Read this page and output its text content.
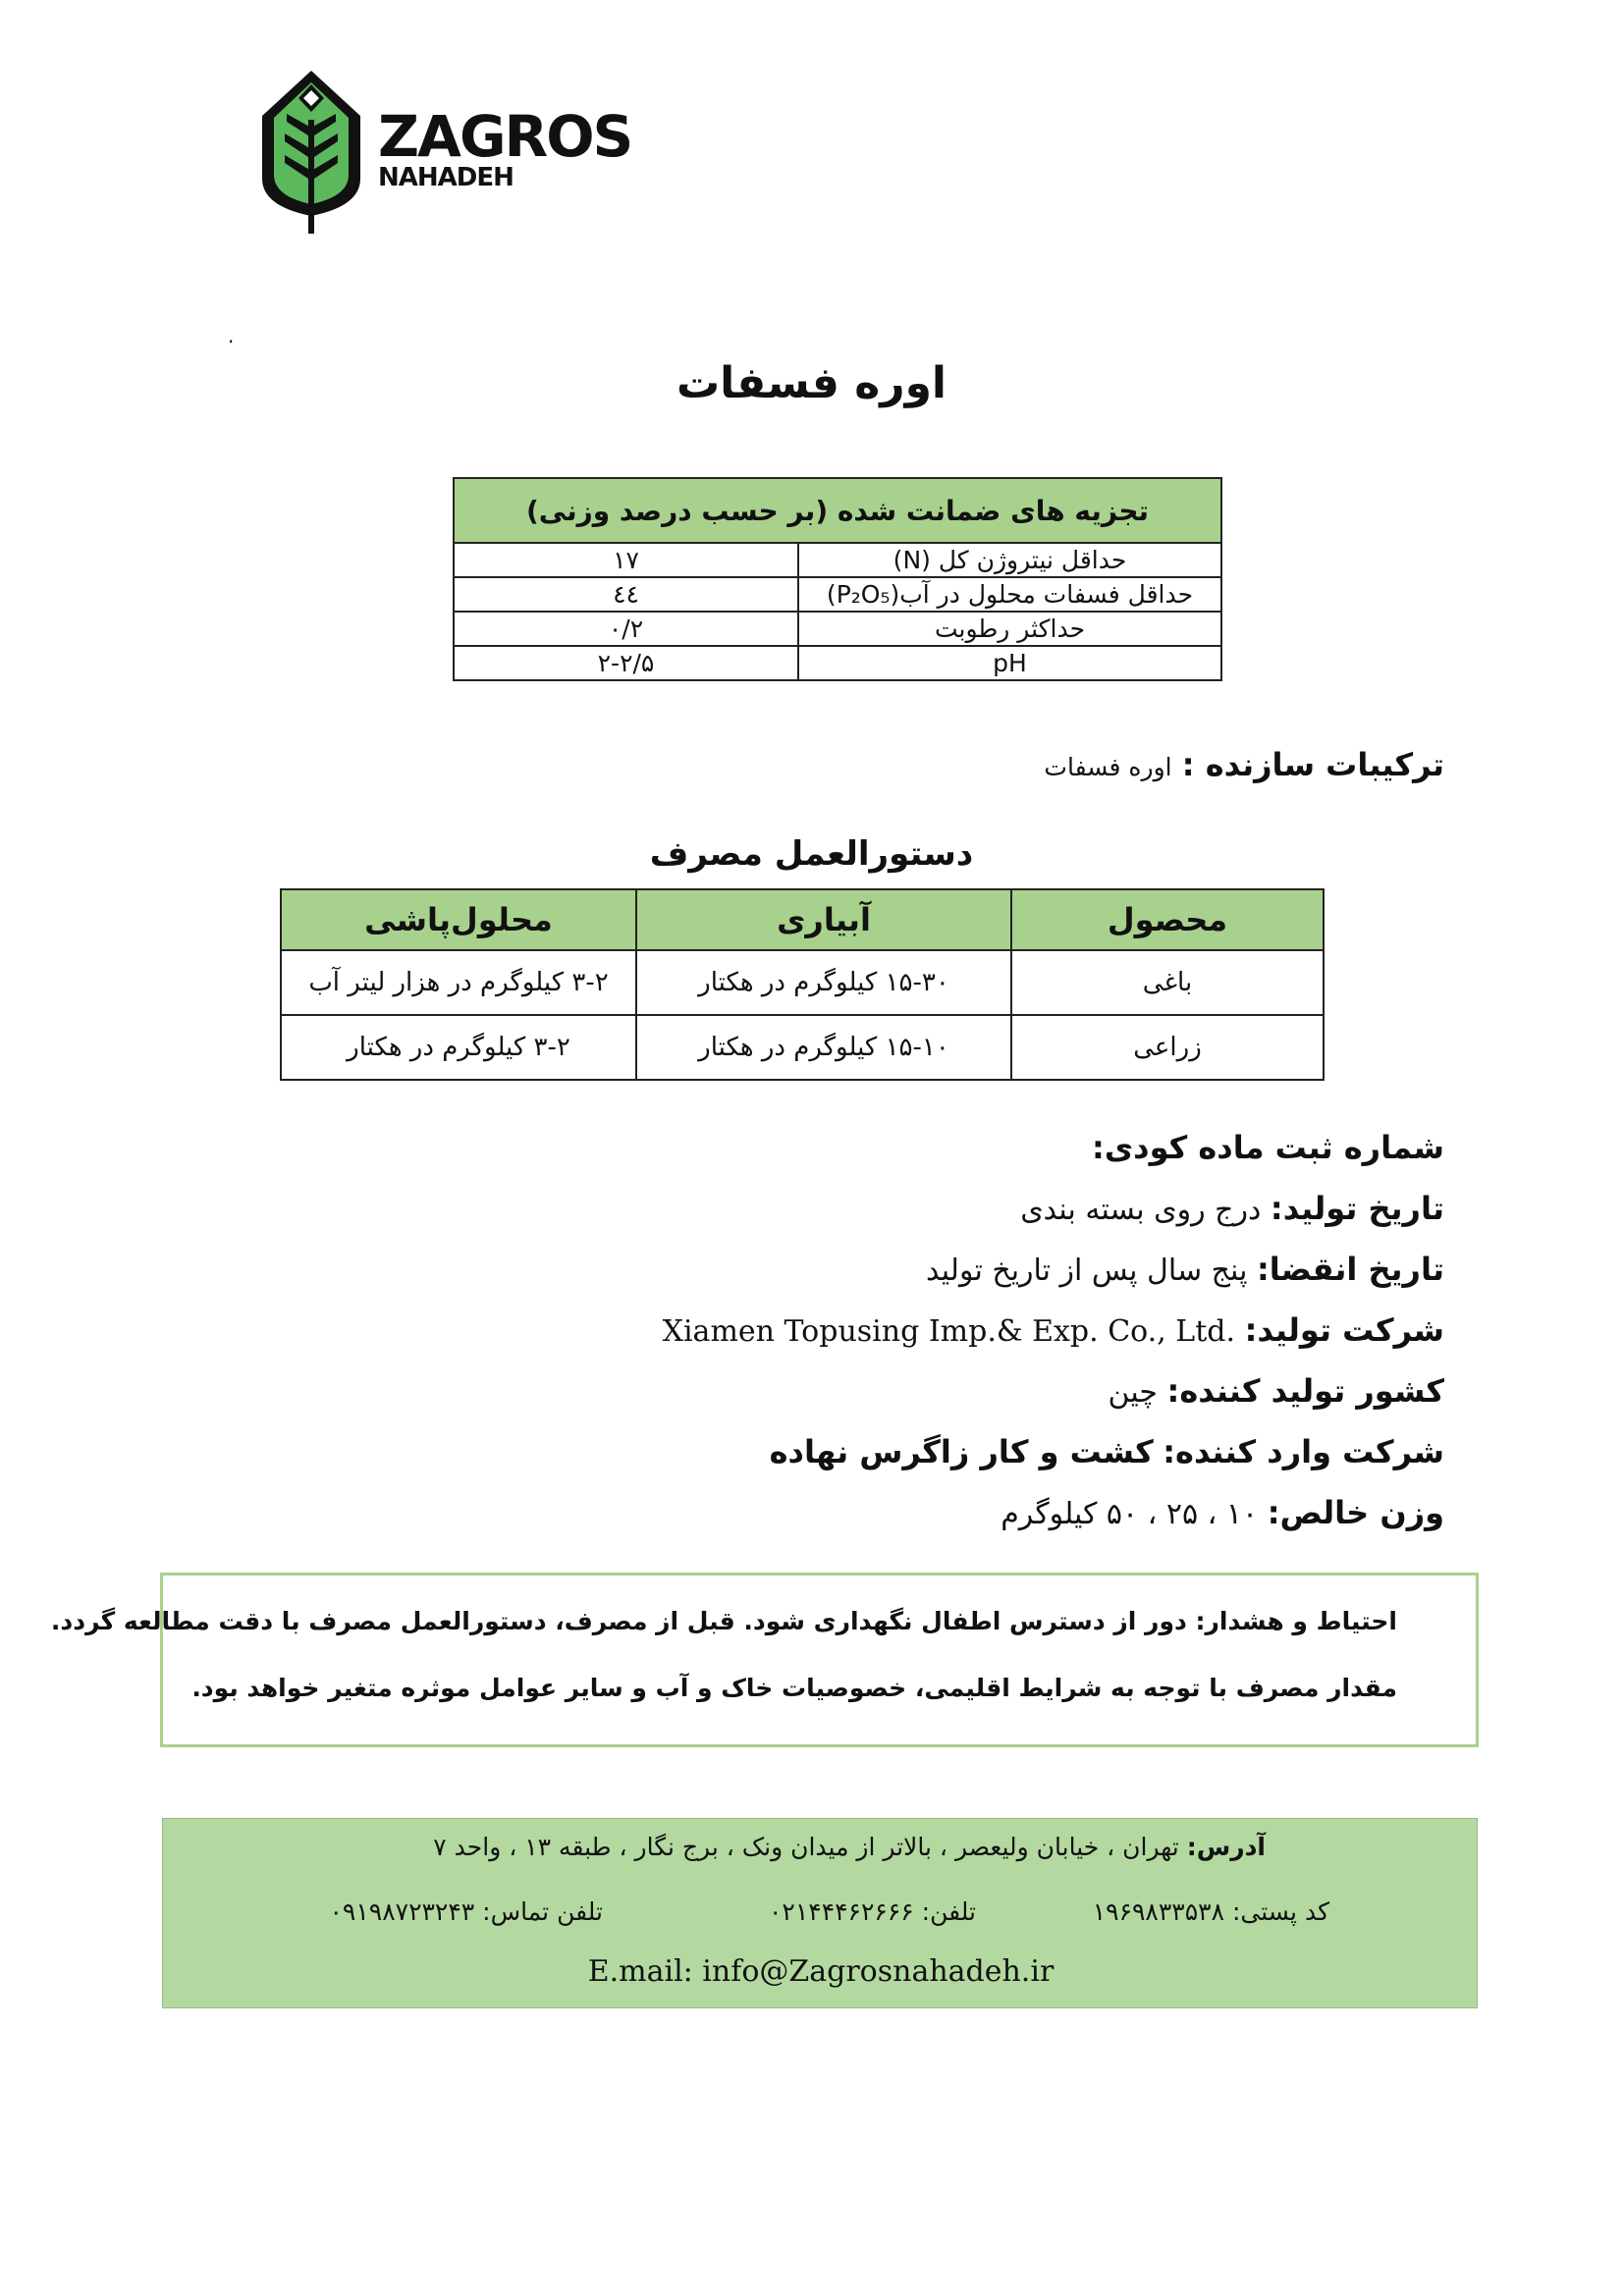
ZAGROS
NAHADEH
.
اوره فسفات
تجزیه های ضمانت شده (بر حسب درصد وزنی)	
حداقل نیتروژن کل (N)	۱۷
حداقل فسفات محلول در آب(P₂O₅)	٤٤
حداکثر رطوبت	۰/۲
pH	۲-۲/۵
ترکیبات سازنده : اوره فسفات
دستورالعمل مصرف
محصول	آبیاری	محلول‌پاشی
باغی	۱۵-۳۰ کیلوگرم در هکتار	۳-۲ کیلوگرم در هزار لیتر آب
زراعی	۱۵-۱۰ کیلوگرم در هکتار	۳-۲ کیلوگرم در هکتار
شماره ثبت ماده کودی:
تاریخ تولید: درج روی بسته بندی
تاریخ انقضا: پنج سال پس از تاریخ تولید
شرکت تولید: Xiamen Topusing Imp.& Exp. Co., Ltd.
کشور تولید کننده: چین
شرکت وارد کننده: کشت و کار زاگرس نهاده
وزن خالص: ۱۰ ، ۲۵ ، ۵۰ کیلوگرم
احتیاط و هشدار: دور از دسترس اطفال نگهداری شود. قبل از مصرف، دستورالعمل مصرف با دقت مطالعه گردد.
مقدار مصرف با توجه به شرایط اقلیمی، خصوصیات خاک و آب و سایر عوامل موثره متغیر خواهد بود.
آدرس: تهران ، خیابان ولیعصر ، بالاتر از میدان ونک ، برج نگار ، طبقه ۱۳ ، واحد ۷
کد پستی: ۱۹۶۹۸۳۳۵۳۸
تلفن: ۰۲۱۴۴۴۶۲۶۶۶
تلفن تماس: ۰۹۱۹۸۷۲۳۲۴۳
E.mail: info@Zagrosnahadeh.ir
